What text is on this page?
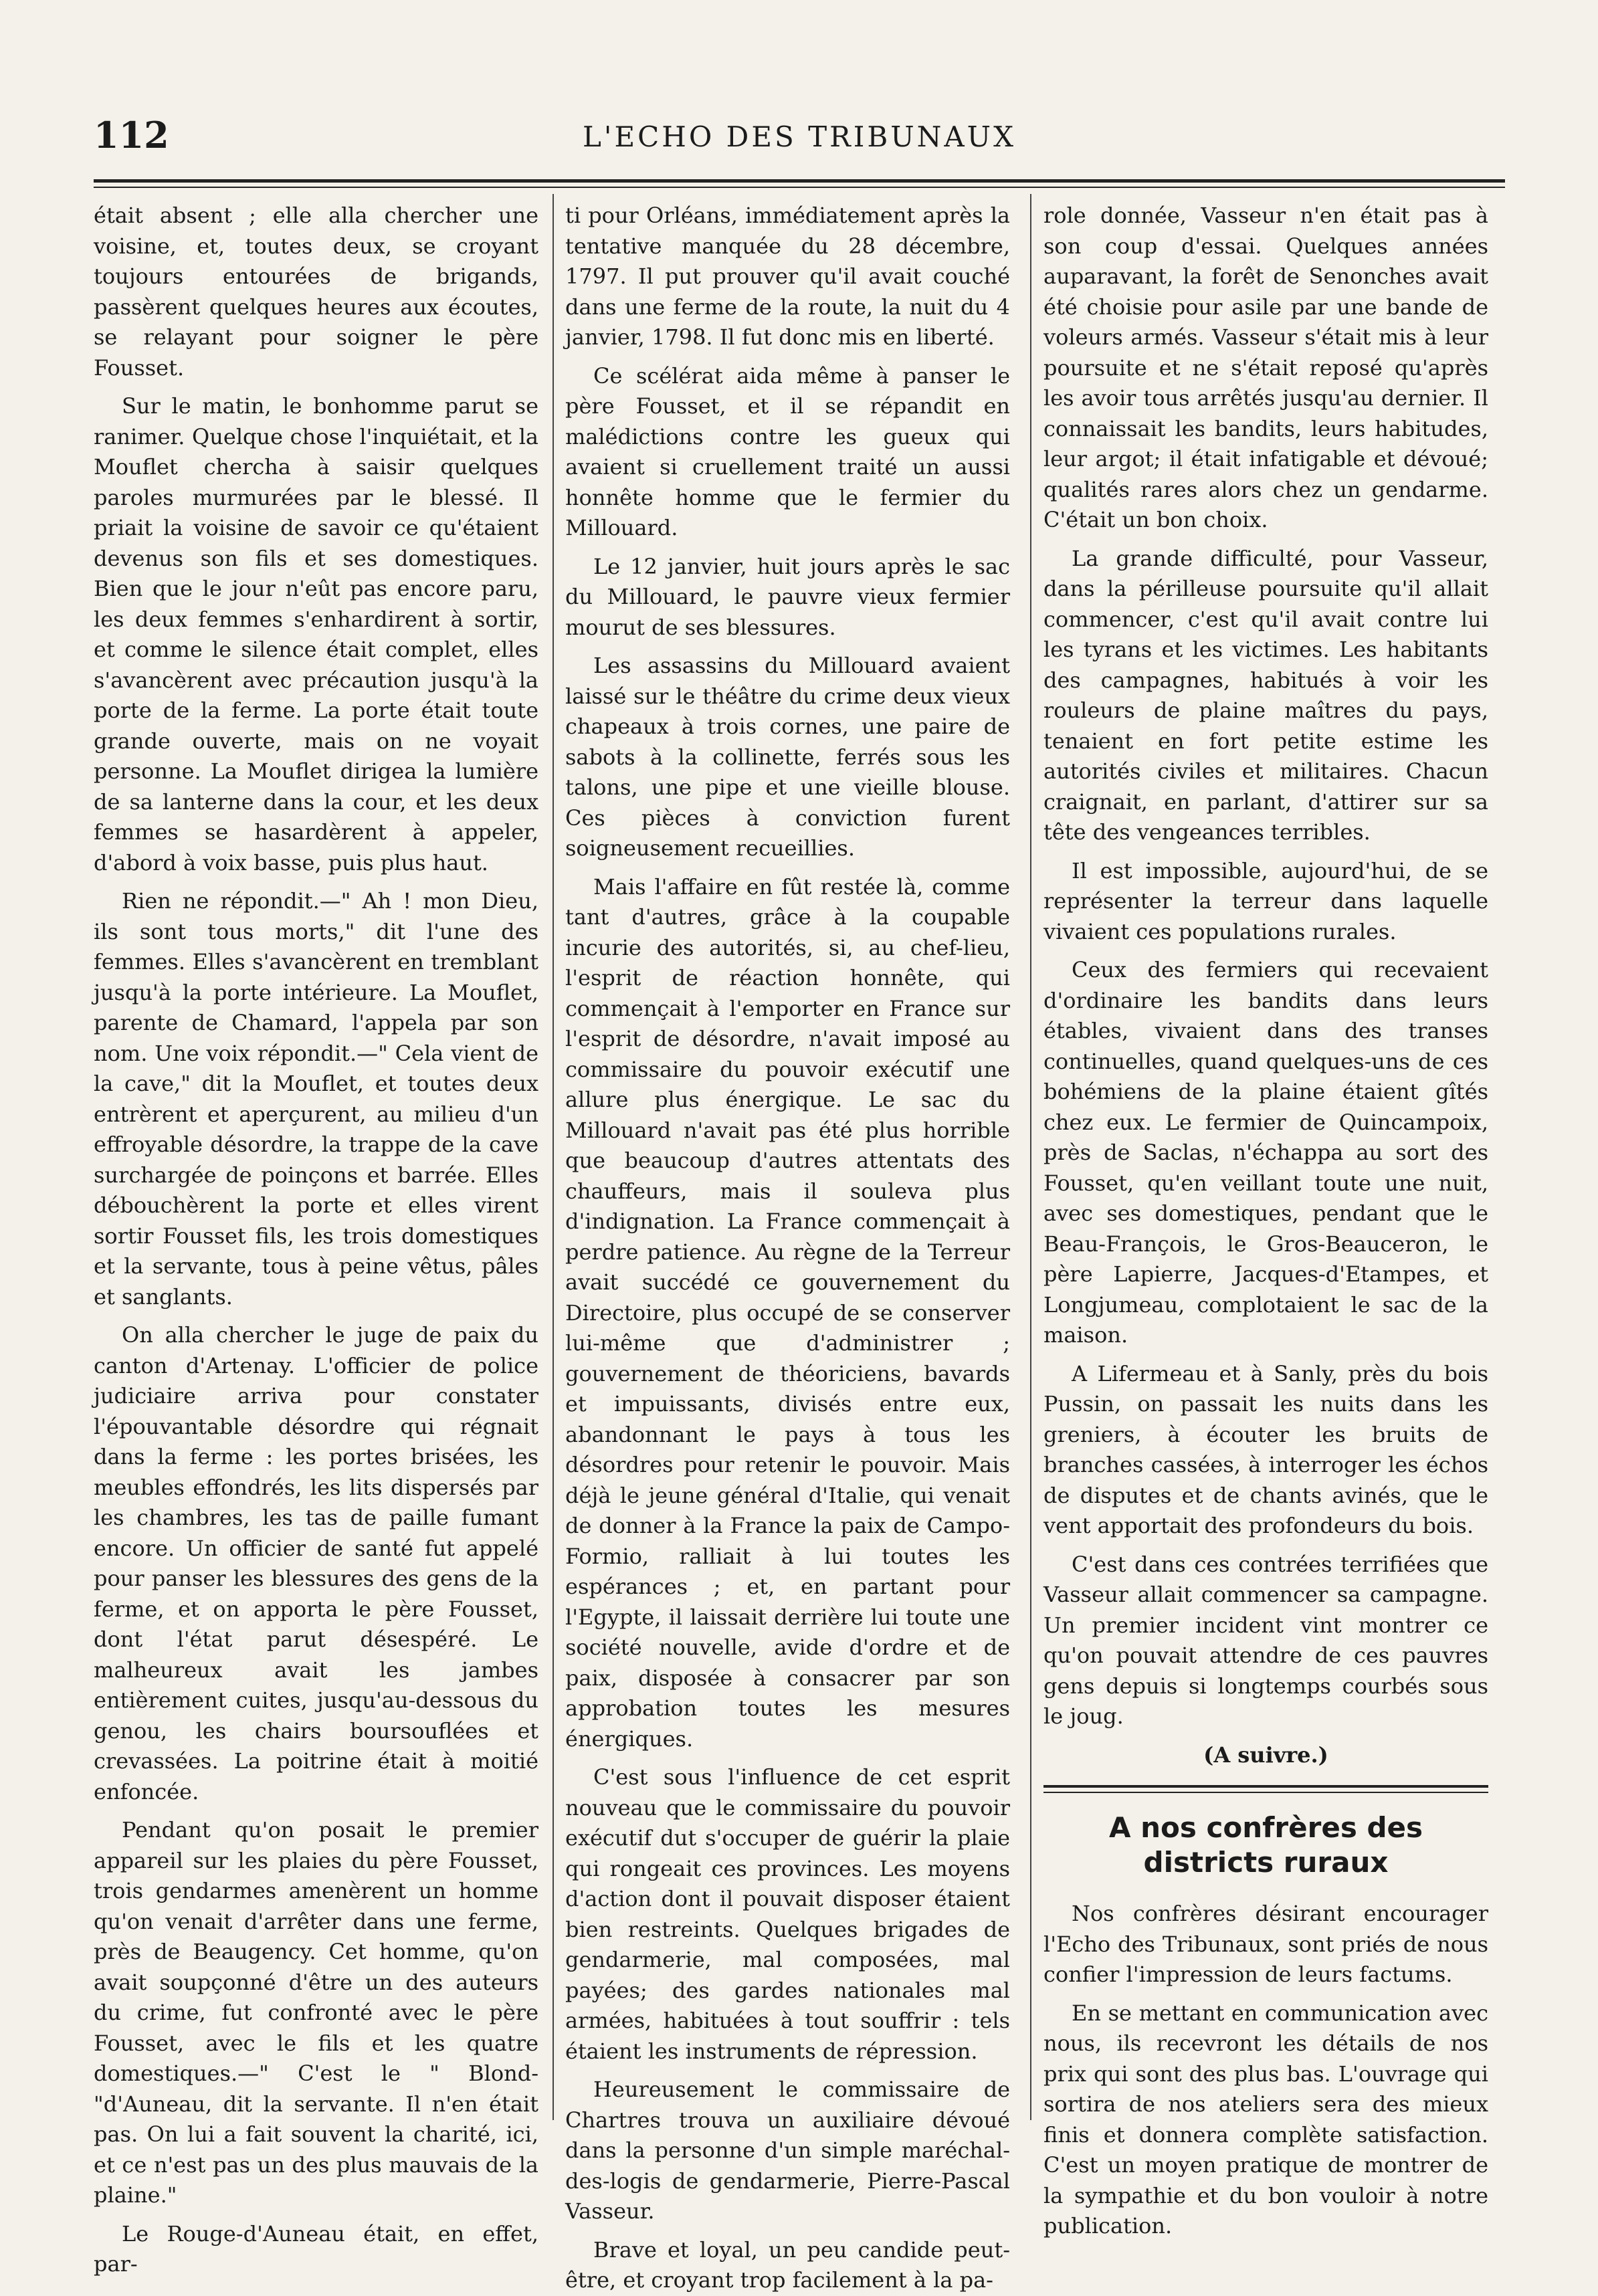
112	L'ECHO DES TRIBUNAUX

était absent ; elle alla chercher une voisine, et, toutes deux, se croyant toujours entourées de brigands, passèrent quelques heures aux écoutes, se relayant pour soigner le père Fousset.

Sur le matin, le bonhomme parut se ranimer. Quelque chose l'inquiétait, et la Mouflet chercha à saisir quelques paroles murmurées par le blessé. Il priait la voisine de savoir ce qu'étaient devenus son fils et ses domestiques. Bien que le jour n'eût pas encore paru, les deux femmes s'enhardirent à sortir, et comme le silence était complet, elles s'avancèrent avec précaution jusqu'à la porte de la ferme. La porte était toute grande ouverte, mais on ne voyait personne. La Mouflet dirigea la lumière de sa lanterne dans la cour, et les deux femmes se hasardèrent à appeler, d'abord à voix basse, puis plus haut.

Rien ne répondit.—" Ah ! mon Dieu, ils sont tous morts," dit l'une des femmes. Elles s'avancèrent en tremblant jusqu'à la porte intérieure. La Mouflet, parente de Chamard, l'appela par son nom. Une voix répondit.—" Cela vient de la cave," dit la Mouflet, et toutes deux entrèrent et aperçurent, au milieu d'un effroyable désordre, la trappe de la cave surchargée de poinçons et barrée. Elles débouchèrent la porte et elles virent sortir Fousset fils, les trois domestiques et la servante, tous à peine vêtus, pâles et sanglants.

On alla chercher le juge de paix du canton d'Artenay. L'officier de police judiciaire arriva pour constater l'épouvantable désordre qui régnait dans la ferme : les portes brisées, les meubles effondrés, les lits dispersés par les chambres, les tas de paille fumant encore. Un officier de santé fut appelé pour panser les blessures des gens de la ferme, et on apporta le père Fousset, dont l'état parut désespéré. Le malheureux avait les jambes entièrement cuites, jusqu'au-dessous du genou, les chairs boursouflées et crevassées. La poitrine était à moitié enfoncée.

Pendant qu'on posait le premier appareil sur les plaies du père Fousset, trois gendarmes amenèrent un homme qu'on venait d'arrêter dans une ferme, près de Beaugency. Cet homme, qu'on avait soupçonné d'être un des auteurs du crime, fut confronté avec le père Fousset, avec le fils et les quatre domestiques.—" C'est le " Blond-"d'Auneau, dit la servante. Il n'en était pas. On lui a fait souvent la charité, ici, et ce n'est pas un des plus mauvais de la plaine."

Le Rouge-d'Auneau était, en effet, par-

ti pour Orléans, immédiatement après la tentative manquée du 28 décembre, 1797. Il put prouver qu'il avait couché dans une ferme de la route, la nuit du 4 janvier, 1798. Il fut donc mis en liberté.

Ce scélérat aida même à panser le père Fousset, et il se répandit en malédictions contre les gueux qui avaient si cruellement traité un aussi honnête homme que le fermier du Millouard.

Le 12 janvier, huit jours après le sac du Millouard, le pauvre vieux fermier mourut de ses blessures.

Les assassins du Millouard avaient laissé sur le théâtre du crime deux vieux chapeaux à trois cornes, une paire de sabots à la collinette, ferrés sous les talons, une pipe et une vieille blouse. Ces pièces à conviction furent soigneusement recueillies.

Mais l'affaire en fût restée là, comme tant d'autres, grâce à la coupable incurie des autorités, si, au chef-lieu, l'esprit de réaction honnête, qui commençait à l'emporter en France sur l'esprit de désordre, n'avait imposé au commissaire du pouvoir exécutif une allure plus énergique. Le sac du Millouard n'avait pas été plus horrible que beaucoup d'autres attentats des chauffeurs, mais il souleva plus d'indignation. La France commençait à perdre patience. Au règne de la Terreur avait succédé ce gouvernement du Directoire, plus occupé de se conserver lui-même que d'administrer ; gouvernement de théoriciens, bavards et impuissants, divisés entre eux, abandonnant le pays à tous les désordres pour retenir le pouvoir. Mais déjà le jeune général d'Italie, qui venait de donner à la France la paix de Campo-Formio, ralliait à lui toutes les espérances ; et, en partant pour l'Egypte, il laissait derrière lui toute une société nouvelle, avide d'ordre et de paix, disposée à consacrer par son approbation toutes les mesures énergiques.

C'est sous l'influence de cet esprit nouveau que le commissaire du pouvoir exécutif dut s'occuper de guérir la plaie qui rongeait ces provinces. Les moyens d'action dont il pouvait disposer étaient bien restreints. Quelques brigades de gendarmerie, mal composées, mal payées; des gardes nationales mal armées, habituées à tout souffrir : tels étaient les instruments de répression.

Heureusement le commissaire de Chartres trouva un auxiliaire dévoué dans la personne d'un simple maréchal-des-logis de gendarmerie, Pierre-Pascal Vasseur.

Brave et loyal, un peu candide peut-être, et croyant trop facilement à la pa-

role donnée, Vasseur n'en était pas à son coup d'essai. Quelques années auparavant, la forêt de Senonches avait été choisie pour asile par une bande de voleurs armés. Vasseur s'était mis à leur poursuite et ne s'était reposé qu'après les avoir tous arrêtés jusqu'au dernier. Il connaissait les bandits, leurs habitudes, leur argot; il était infatigable et dévoué; qualités rares alors chez un gendarme. C'était un bon choix.

La grande difficulté, pour Vasseur, dans la périlleuse poursuite qu'il allait commencer, c'est qu'il avait contre lui les tyrans et les victimes. Les habitants des campagnes, habitués à voir les rouleurs de plaine maîtres du pays, tenaient en fort petite estime les autorités civiles et militaires. Chacun craignait, en parlant, d'attirer sur sa tête des vengeances terribles.

Il est impossible, aujourd'hui, de se représenter la terreur dans laquelle vivaient ces populations rurales.

Ceux des fermiers qui recevaient d'ordinaire les bandits dans leurs étables, vivaient dans des transes continuelles, quand quelques-uns de ces bohémiens de la plaine étaient gîtés chez eux. Le fermier de Quincampoix, près de Saclas, n'échappa au sort des Fousset, qu'en veillant toute une nuit, avec ses domestiques, pendant que le Beau-François, le Gros-Beauceron, le père Lapierre, Jacques-d'Etampes, et Longjumeau, complotaient le sac de la maison.

A Lifermeau et à Sanly, près du bois Pussin, on passait les nuits dans les greniers, à écouter les bruits de branches cassées, à interroger les échos de disputes et de chants avinés, que le vent apportait des profondeurs du bois.

C'est dans ces contrées terrifiées que Vasseur allait commencer sa campagne. Un premier incident vint montrer ce qu'on pouvait attendre de ces pauvres gens depuis si longtemps courbés sous le joug.

(A suivre.)
A nos confrères des districts ruraux

Nos confrères désirant encourager l'Echo des Tribunaux, sont priés de nous confier l'impression de leurs factums.

En se mettant en communication avec nous, ils recevront les détails de nos prix qui sont des plus bas. L'ouvrage qui sortira de nos ateliers sera des mieux finis et donnera complète satisfaction. C'est un moyen pratique de montrer de la sympathie et du bon vouloir à notre publication.
